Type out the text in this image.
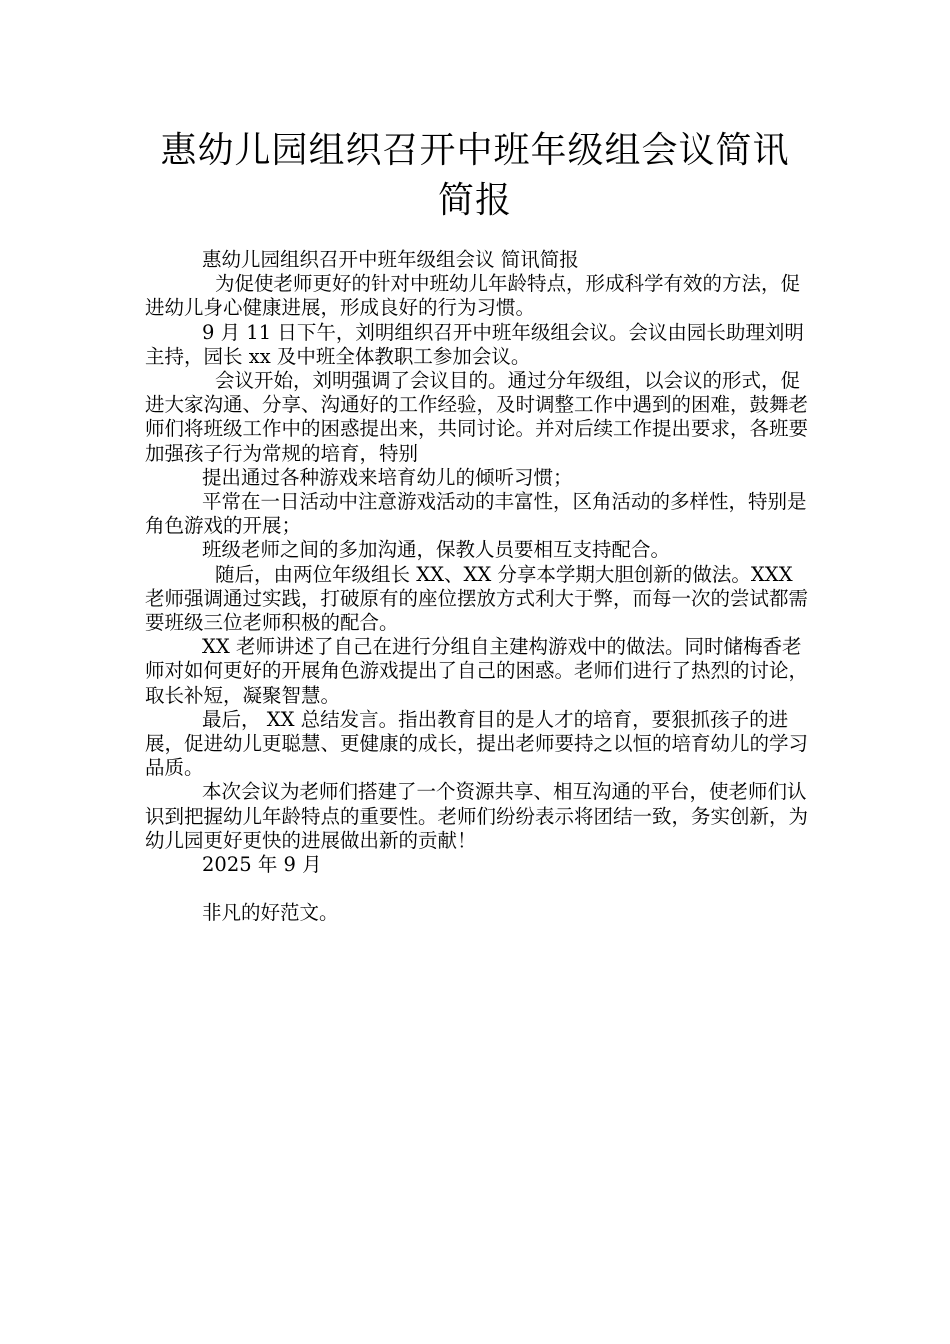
惠幼儿园组织召开中班年级组会议简讯简报

惠幼儿园组织召开中班年级组会议 简讯简报

为促使老师更好的针对中班幼儿年龄特点，形成科学有效的方法，促进幼儿身心健康进展，形成良好的行为习惯。

9 月 11 日下午，刘明组织召开中班年级组会议。会议由园长助理刘明主持，园长 xx 及中班全体教职工参加会议。

会议开始，刘明强调了会议目的。通过分年级组，以会议的形式，促进大家沟通、分享、沟通好的工作经验，及时调整工作中遇到的困难，鼓舞老师们将班级工作中的困惑提出来，共同讨论。并对后续工作提出要求，各班要加强孩子行为常规的培育，特别

提出通过各种游戏来培育幼儿的倾听习惯；

平常在一日活动中注意游戏活动的丰富性，区角活动的多样性，特别是角色游戏的开展；

班级老师之间的多加沟通，保教人员要相互支持配合。

随后，由两位年级组长 XX、XX 分享本学期大胆创新的做法。XXX 老师强调通过实践，打破原有的座位摆放方式利大于弊，而每一次的尝试都需要班级三位老师积极的配合。

XX 老师讲述了自己在进行分组自主建构游戏中的做法。同时储梅香老师对如何更好的开展角色游戏提出了自己的困惑。老师们进行了热烈的讨论，取长补短，凝聚智慧。

最后， XX 总结发言。指出教育目的是人才的培育，要狠抓孩子的进展，促进幼儿更聪慧、更健康的成长，提出老师要持之以恒的培育幼儿的学习品质。

本次会议为老师们搭建了一个资源共享、相互沟通的平台，使老师们认识到把握幼儿年龄特点的重要性。老师们纷纷表示将团结一致，务实创新，为幼儿园更好更快的进展做出新的贡献！

2025 年 9 月

非凡的好范文。
